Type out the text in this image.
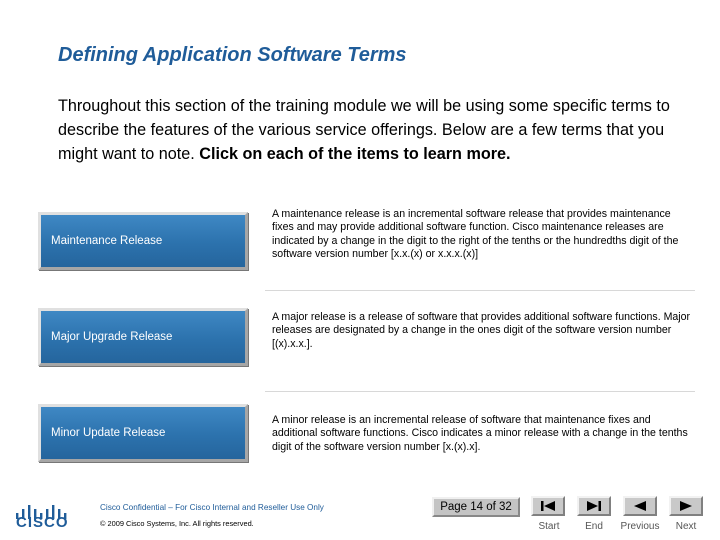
Defining Application Software Terms
Throughout this section of the training module we will be using some specific terms to describe the features of the various service offerings. Below are a few terms that you might want to note. Click on each of the items to learn more.
Maintenance Release
A maintenance release is an incremental software release that provides maintenance fixes and may provide additional software function. Cisco maintenance releases are indicated by a change in the digit to the right of the tenths or the hundredths digit of the software version number [x.x.(x) or x.x.x.(x)]
Major Upgrade Release
A major release is a release of software that provides additional software functions. Major releases are designated by a change in the ones digit of the software version number [(x).x.x.].
Minor Update Release
A minor release is an incremental release of software that maintenance fixes and additional software functions. Cisco indicates a minor release with a change in the tenths digit of the software version number [x.(x).x].
CISCO
Cisco Confidential – For Cisco Internal and Reseller Use Only
© 2009 Cisco Systems, Inc. All rights reserved.
Page 14 of 32
Start	End	Previous	Next
